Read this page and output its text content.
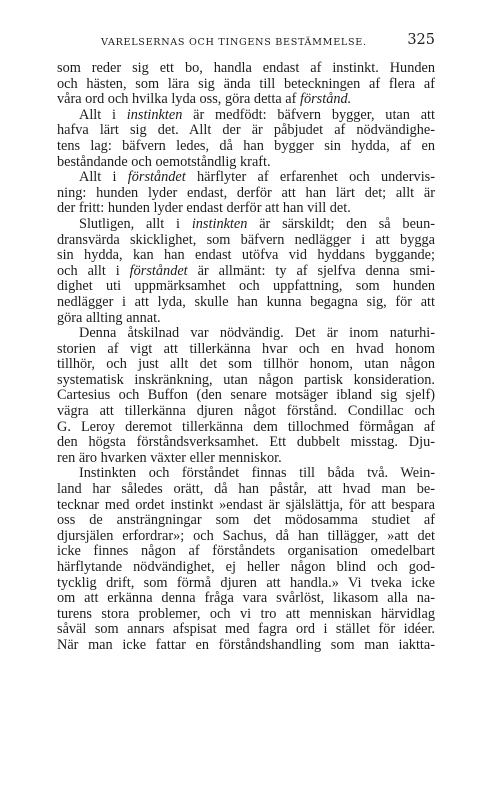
VARELSERNAS OCH TINGENS BESTÄMMELSE.	325
som reder sig ett bo, handla endast af instinkt. Hunden
och hästen, som lära sig ända till beteckningen af flera af
våra ord och hvilka lyda oss, göra detta af förstånd.
Allt i instinkten är medfödt: bäfvern bygger, utan att
hafva lärt sig det. Allt der är påbjudet af nödvändighe-
tens lag: bäfvern ledes, då han bygger sin hydda, af en
beståndande och oemotståndlig kraft.
Allt i förståndet härflyter af erfarenhet och undervis-
ning: hunden lyder endast, derför att han lärt det; allt är
der fritt: hunden lyder endast derför att han vill det.
Slutligen, allt i instinkten är särskildt; den så beun-
dransvärda skicklighet, som bäfvern nedlägger i att bygga
sin hydda, kan han endast utöfva vid hyddans byggande;
och allt i förståndet är allmänt: ty af sjelfva denna smi-
dighet uti uppmärksamhet och uppfattning, som hunden
nedlägger i att lyda, skulle han kunna begagna sig, för att
göra allting annat.
Denna åtskilnad var nödvändig. Det är inom naturhi-
storien af vigt att tillerkänna hvar och en hvad honom
tillhör, och just allt det som tillhör honom, utan någon
systematisk inskränkning, utan någon partisk konsideration.
Cartesius och Buffon (den senare motsäger ibland sig sjelf)
vägra att tillerkänna djuren något förstånd. Condillac och
G. Leroy deremot tillerkänna dem tillochmed förmågan af
den högsta förståndsverksamhet. Ett dubbelt misstag. Dju-
ren äro hvarken växter eller menniskor.
Instinkten och förståndet finnas till båda två. Wein-
land har således orätt, då han påstår, att hvad man be-
tecknar med ordet instinkt »endast är själslättja, för att bespara
oss de ansträngningar som det mödosamma studiet af
djursjälen erfordrar»; och Sachus, då han tillägger, »att det
icke finnes någon af förståndets organisation omedelbart
härflytande nödvändighet, ej heller någon blind och god-
tycklig drift, som förmå djuren att handla.» Vi tveka icke
om att erkänna denna fråga vara svårlöst, likasom alla na-
turens stora problemer, och vi tro att menniskan härvidlag
såväl som annars afspisat med fagra ord i stället för idéer.
När man icke fattar en förståndshandling som man iaktta-
